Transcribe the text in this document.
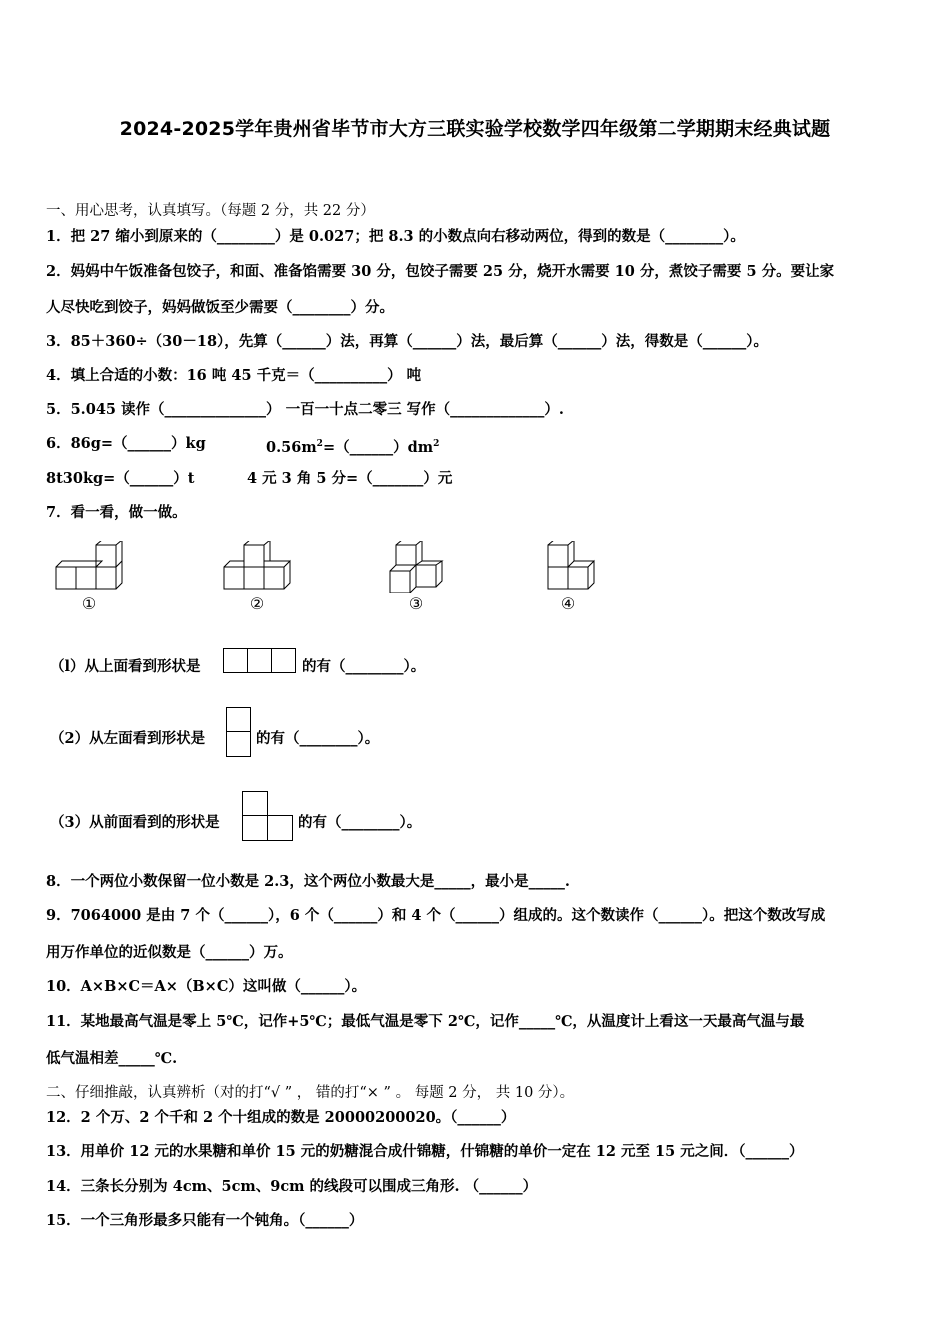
2024-2025学年贵州省毕节市大方三联实验学校数学四年级第二学期期末经典试题
一、用心思考，认真填写。（每题 2 分，共 22 分）
1．把 27 缩小到原来的（________）是 0.027；把 8.3 的小数点向右移动两位，得到的数是（________）。
2．妈妈中午饭准备包饺子，和面、准备馅需要 30 分，包饺子需要 25 分，烧开水需要 10 分，煮饺子需要 5 分。要让家
人尽快吃到饺子，妈妈做饭至少需要（________）分。
3．85＋360÷（30－18），先算（______）法，再算（______）法，最后算（______）法，得数是（______）。
4．填上合适的小数：16 吨 45 千克＝（__________） 吨
5．5.045 读作（______________） 一百一十点二零三 写作（_____________）.
6．86g=（______）kg	$0.56m^2=(\_\_\_\_\_\_)dm^2$
8t30kg=（______）t	4 元 3 角 5 分=（_______）元
7．看一看，做一做。
①	②	③	④
（l）从上面看到形状是	的有（________）。
（2）从左面看到形状是	的有（________）。
（3）从前面看到的形状是	的有（________）。
8．一个两位小数保留一位小数是 2.3，这个两位小数最大是_____，最小是_____.
9．7064000 是由 7 个（______），6 个（______）和 4 个（______）组成的。这个数读作（______）。把这个数改写成
用万作单位的近似数是（______）万。
10．A×B×C＝A×（B×C）这叫做（______）。
11．某地最高气温是零上 5℃，记作+5℃；最低气温是零下 2℃，记作_____℃，从温度计上看这一天最高气温与最
低气温相差_____℃.
二、仔细推敲，认真辨析（对的打“√ ” ， 错的打“× ” 。 每题 2 分， 共 10 分）。
12．2 个万、2 个千和 2 个十组成的数是 20000200020。（______）
13．用单价 12 元的水果糖和单价 15 元的奶糖混合成什锦糖，什锦糖的单价一定在 12 元至 15 元之间．（______）
14．三条长分别为 4cm、5cm、9cm 的线段可以围成三角形. （______）
15．一个三角形最多只能有一个钝角。（______）
